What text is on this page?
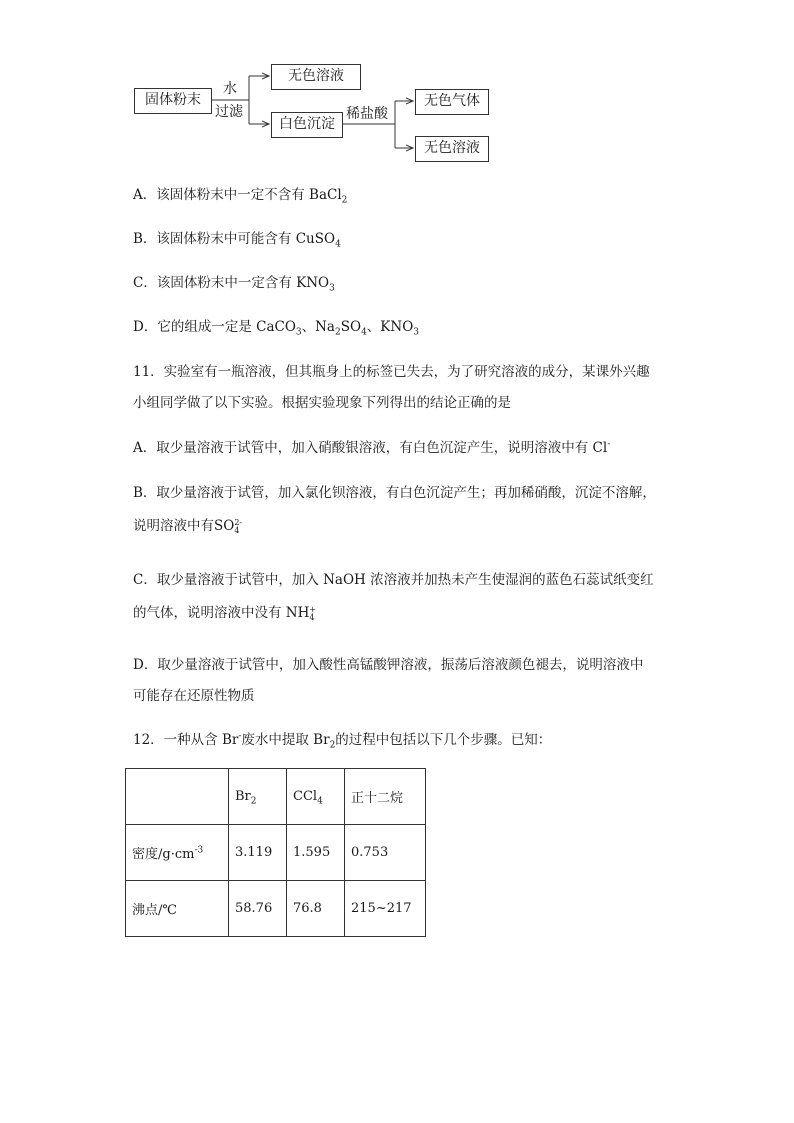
固体粉末
水
过滤
无色溶液
白色沉淀
稀盐酸
无色气体
无色溶液
A．该固体粉末中一定不含有 BaCl$_2$
B．该固体粉末中可能含有 CuSO$_4$
C．该固体粉末中一定含有 $KNO_3$
D．它的组成一定是 CaCO$_3$、$Na_2SO_4$、$KNO_3$
11．实验室有一瓶溶液，但其瓶身上的标签已失去，为了研究溶液的成分，某课外兴趣
小组同学做了以下实验。根据实验现象下列得出的结论正确的是
A．取少量溶液于试管中，加入硝酸银溶液，有白色沉淀产生，说明溶液中有 Cl-
B．取少量溶液于试管，加入氯化钡溶液，有白色沉淀产生；再加稀硝酸，沉淀不溶解，
说明溶液中有SO 2-
4
C．取少量溶液于试管中，加入 NaOH 浓溶液并加热未产生使湿润的蓝色石蕊试纸变红
的气体，说明溶液中没有 NH +
4
D．取少量溶液于试管中，加入酸性高锰酸钾溶液，振荡后溶液颜色褪去，说明溶液中
可能存在还原性物质
12．一种从含 Br-废水中提取 $Br_2$的过程中包括以下几个步骤。已知：
	$Br_2$	CCl$_4$	正十二烷
密度$/g\cdot cm^{-3}$	3.119	1.595	0.753
沸点/℃	58.76	76.8	215~217
